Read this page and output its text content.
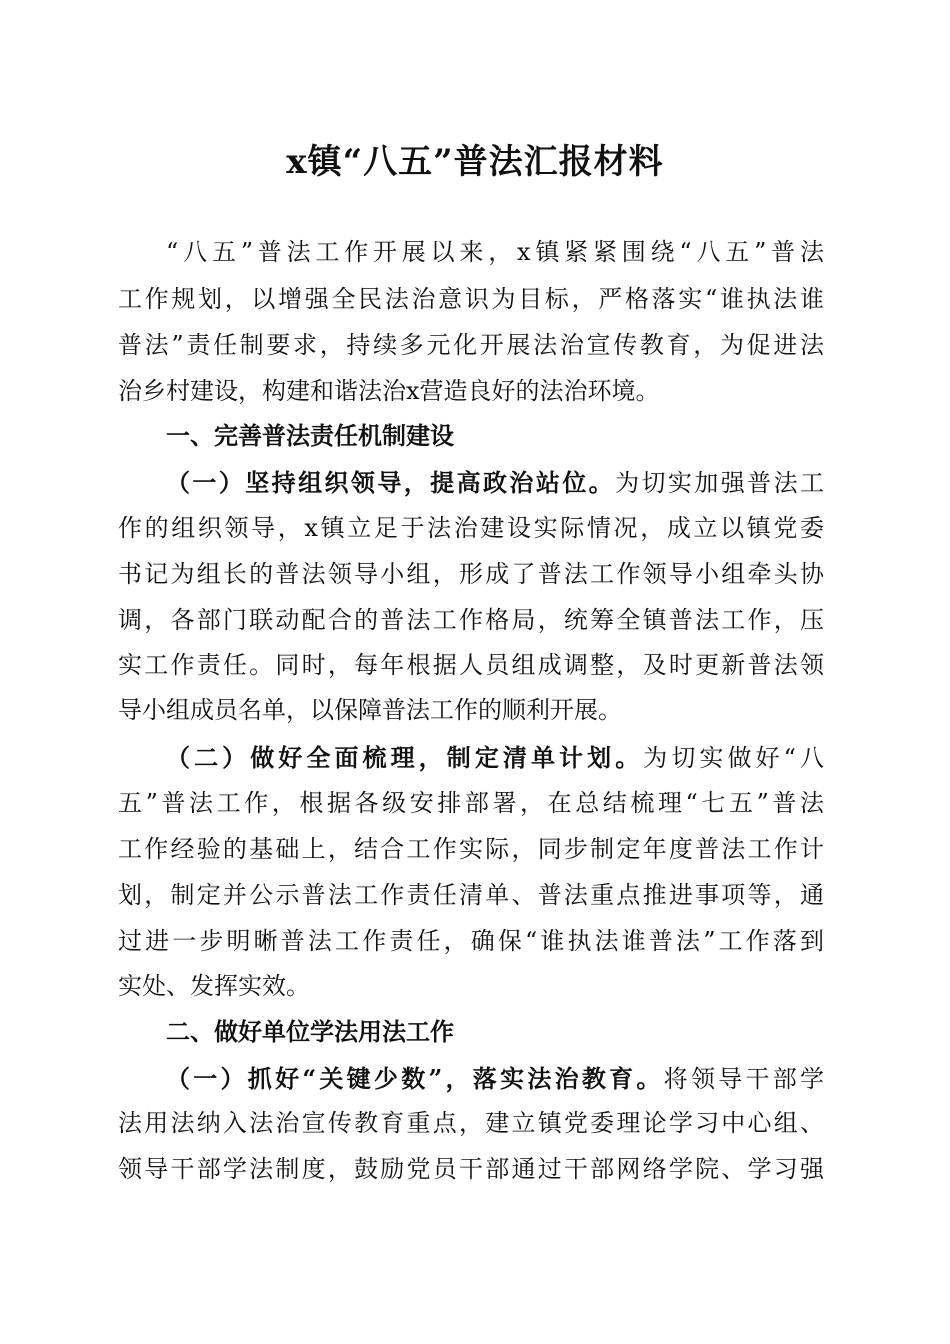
x镇“八五”普法汇报材料

“八五”普法工作开展以来，x镇紧紧围绕“八五”普法

工作规划，以增强全民法治意识为目标，严格落实“谁执法谁

普法”责任制要求，持续多元化开展法治宣传教育，为促进法

治乡村建设，构建和谐法治x营造良好的法治环境。

一、完善普法责任机制建设

（一）坚持组织领导，提高政治站位。为切实加强普法工

作的组织领导，x镇立足于法治建设实际情况，成立以镇党委

书记为组长的普法领导小组，形成了普法工作领导小组牵头协

调，各部门联动配合的普法工作格局，统筹全镇普法工作，压

实工作责任。同时，每年根据人员组成调整，及时更新普法领

导小组成员名单，以保障普法工作的顺利开展。

（二）做好全面梳理，制定清单计划。为切实做好“八

五”普法工作，根据各级安排部署，在总结梳理“七五”普法

工作经验的基础上，结合工作实际，同步制定年度普法工作计

划，制定并公示普法工作责任清单、普法重点推进事项等，通

过进一步明晰普法工作责任，确保“谁执法谁普法”工作落到

实处、发挥实效。

二、做好单位学法用法工作

（一）抓好“关键少数”，落实法治教育。将领导干部学

法用法纳入法治宣传教育重点，建立镇党委理论学习中心组、

领导干部学法制度，鼓励党员干部通过干部网络学院、学习强
